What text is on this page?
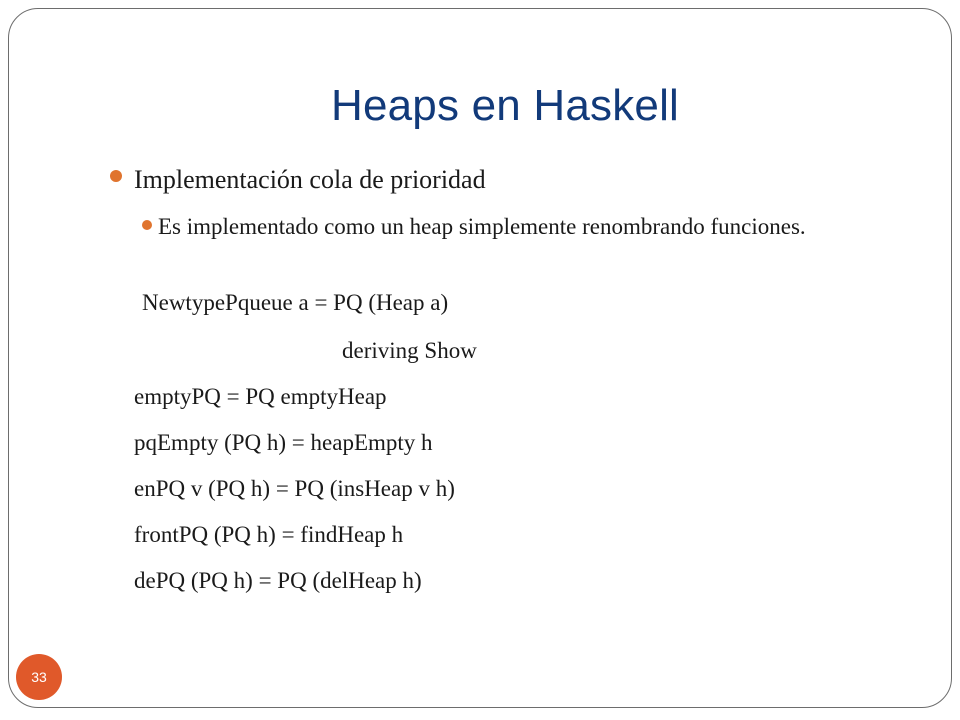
Heaps en Haskell
Implementación cola de prioridad
Es implementado como un heap simplemente renombrando funciones.
NewtypePqueue a = PQ (Heap a)
deriving Show
emptyPQ = PQ emptyHeap
pqEmpty (PQ h) = heapEmpty h
enPQ v (PQ h) = PQ (insHeap v h)
frontPQ (PQ h) = findHeap h
dePQ (PQ h) = PQ (delHeap h)
33
